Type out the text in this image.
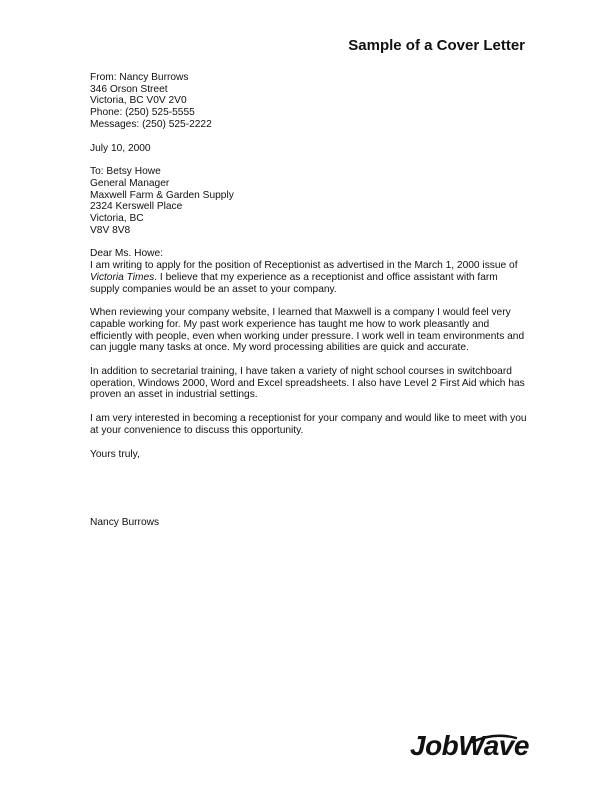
Sample of a Cover Letter
From: Nancy Burrows
346 Orson Street
Victoria, BC V0V 2V0
Phone: (250) 525-5555
Messages: (250) 525-2222
July 10, 2000
To: Betsy Howe
General Manager
Maxwell Farm & Garden Supply
2324 Kerswell Place
Victoria, BC
V8V 8V8
Dear Ms. Howe:
I am writing to apply for the position of Receptionist as advertised in the March 1, 2000 issue of
Victoria Times. I believe that my experience as a receptionist and office assistant with farm
supply companies would be an asset to your company.
When reviewing your company website, I learned that Maxwell is a company I would feel very
capable working for. My past work experience has taught me how to work pleasantly and
efficiently with people, even when working under pressure. I work well in team environments and
can juggle many tasks at once. My word processing abilities are quick and accurate.
In addition to secretarial training, I have taken a variety of night school courses in switchboard
operation, Windows 2000, Word and Excel spreadsheets. I also have Level 2 First Aid which has
proven an asset in industrial settings.
I am very interested in becoming a receptionist for your company and would like to meet with you
at your convenience to discuss this opportunity.
Yours truly,
Nancy Burrows
JobWave
